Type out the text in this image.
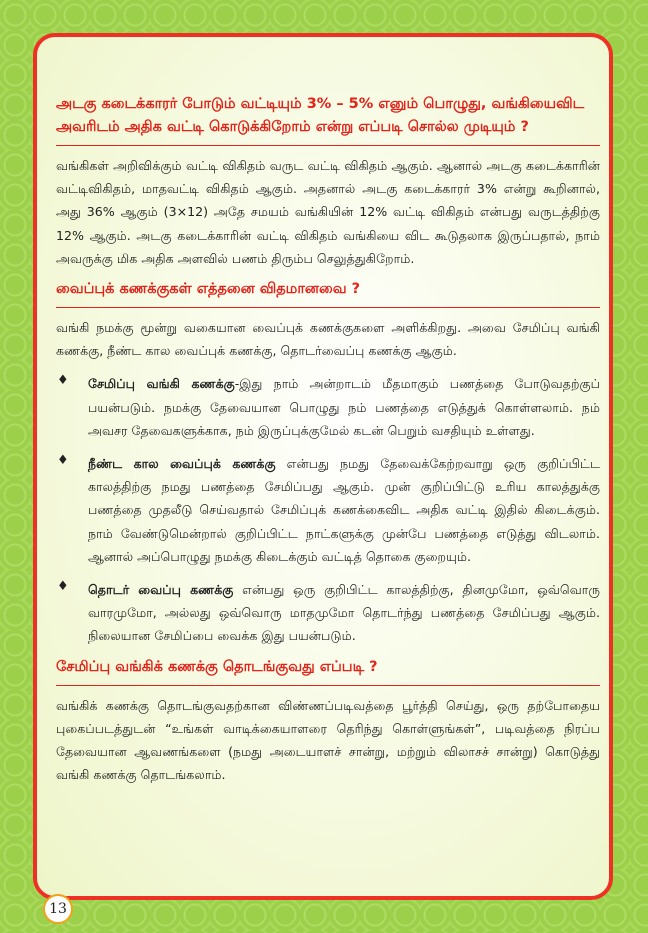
அடகு கடைக்காரர் போடும் வட்டியும் 3% – 5% எனும் பொழுது, வங்கியைவிட அவரிடம் அதிக வட்டி கொடுக்கிறோம் என்று எப்படி சொல்ல முடியும் ?

வங்கிகள் அறிவிக்கும் வட்டி விகிதம் வருட வட்டி விகிதம் ஆகும். ஆனால் அடகு கடைக்காரின் வட்டிவிகிதம், மாதவட்டி விகிதம் ஆகும். அதனால் அடகு கடைக்காரர் 3% என்று கூறினால், அது 36% ஆகும் (3×12) அதே சமயம் வங்கியின் 12% வட்டி விகிதம் என்பது வருடத்திற்கு 12% ஆகும். அடகு கடைக்காரின் வட்டி விகிதம் வங்கியை விட கூடுதலாக இருப்பதால், நாம் அவருக்கு மிக அதிக அளவில் பணம் திரும்ப செலுத்துகிறோம்.

வைப்புக் கணக்குகள் எத்தனை விதமானவை ?

வங்கி நமக்கு மூன்று வகையான வைப்புக் கணக்குகளை அளிக்கிறது. அவை சேமிப்பு வங்கி கணக்கு, நீண்ட கால வைப்புக் கணக்கு, தொடர்வைப்பு கணக்கு ஆகும்.

♦ சேமிப்பு வங்கி கணக்கு-இது நாம் அன்றாடம் மீதமாகும் பணத்தை போடுவதற்குப் பயன்படும். நமக்கு தேவையான பொழுது நம் பணத்தை எடுத்துக் கொள்ளலாம். நம் அவசர தேவைகளுக்காக, நம் இருப்புக்குமேல் கடன் பெறும் வசதியும் உள்ளது.

♦ நீண்ட கால வைப்புக் கணக்கு என்பது நமது தேவைக்கேற்றவாறு ஒரு குறிப்பிட்ட காலத்திற்கு நமது பணத்தை சேமிப்பது ஆகும். முன் குறிப்பிட்டு உரிய காலத்துக்கு பணத்தை முதலீடு செய்வதால் சேமிப்புக் கணக்கைவிட அதிக வட்டி இதில் கிடைக்கும். நாம் வேண்டுமென்றால் குறிப்பிட்ட நாட்களுக்கு முன்பே பணத்தை எடுத்து விடலாம். ஆனால் அப்பொழுது நமக்கு கிடைக்கும் வட்டித் தொகை குறையும்.

♦ தொடர் வைப்பு கணக்கு என்பது ஒரு குறிபிட்ட காலத்திற்கு, தினமுமோ, ஒவ்வொரு வாரமுமோ, அல்லது ஒவ்வொரு மாதமுமோ தொடர்ந்து பணத்தை சேமிப்பது ஆகும். நிலையான சேமிப்பை வைக்க இது பயன்படும்.

சேமிப்பு வங்கிக் கணக்கு தொடங்குவது எப்படி ?

வங்கிக் கணக்கு தொடங்குவதற்கான விண்ணப்படிவத்தை பூர்த்தி செய்து, ஒரு தற்போதைய புகைப்படத்துடன் “உங்கள் வாடிக்கையாளரை தெரிந்து கொள்ளுங்கள்”, படிவத்தை நிரப்ப தேவையான ஆவணங்களை (நமது அடையாளச் சான்று, மற்றும் விலாசச் சான்று) கொடுத்து வங்கி கணக்கு தொடங்கலாம்.

13
